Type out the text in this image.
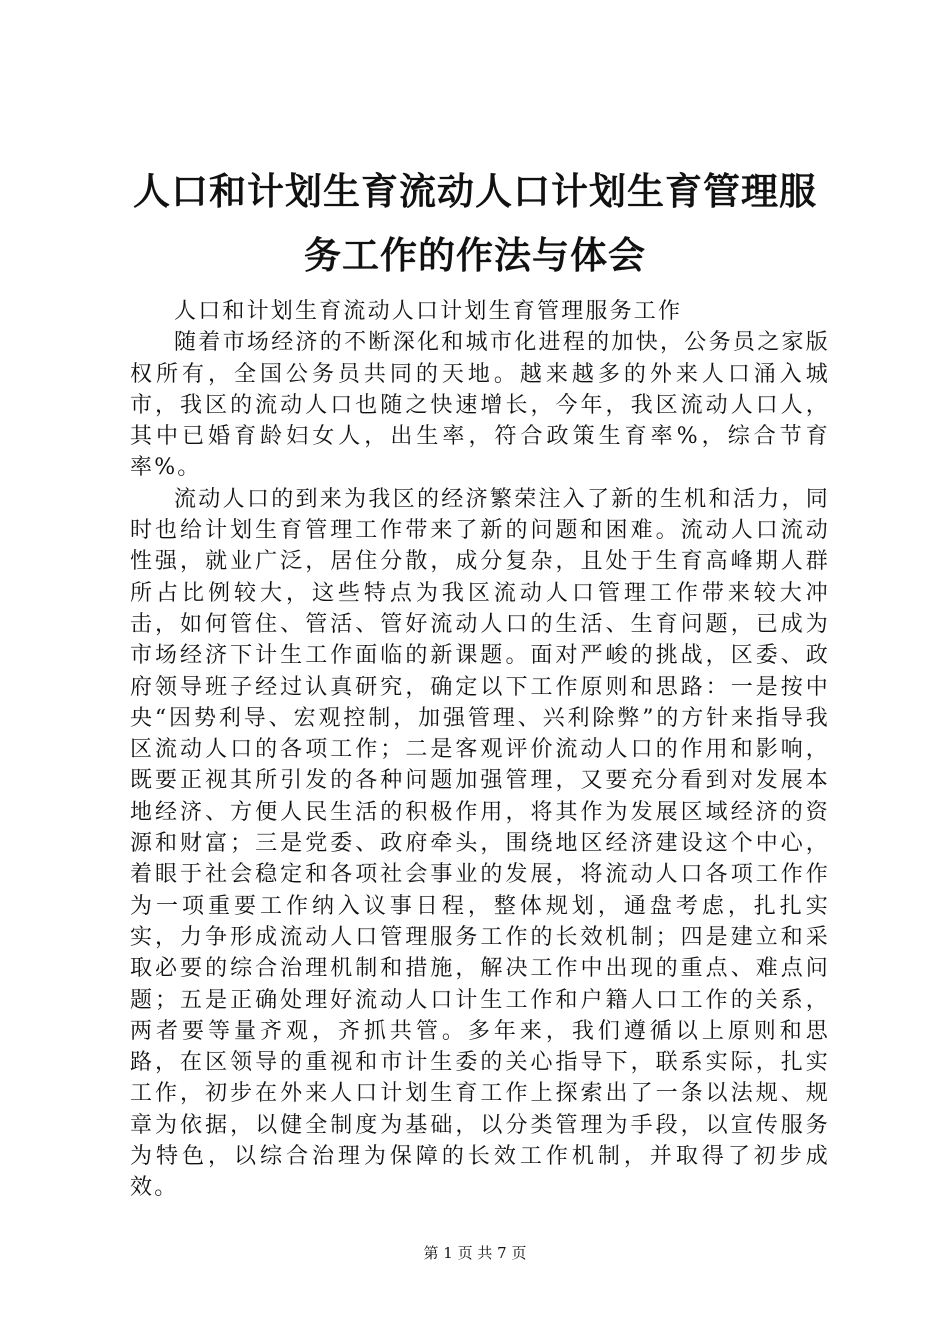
人口和计划生育流动人口计划生育管理服务工作的作法与体会

人口和计划生育流动人口计划生育管理服务工作

随着市场经济的不断深化和城市化进程的加快，公务员之家版权所有，全国公务员共同的天地。越来越多的外来人口涌入城市，我区的流动人口也随之快速增长，今年，我区流动人口人，其中已婚育龄妇女人，出生率，符合政策生育率%，综合节育率%。

流动人口的到来为我区的经济繁荣注入了新的生机和活力，同时也给计划生育管理工作带来了新的问题和困难。流动人口流动性强，就业广泛，居住分散，成分复杂，且处于生育高峰期人群所占比例较大，这些特点为我区流动人口管理工作带来较大冲击，如何管住、管活、管好流动人口的生活、生育问题，已成为市场经济下计生工作面临的新课题。面对严峻的挑战，区委、政府领导班子经过认真研究，确定以下工作原则和思路：一是按中央“因势利导、宏观控制，加强管理、兴利除弊”的方针来指导我区流动人口的各项工作；二是客观评价流动人口的作用和影响，既要正视其所引发的各种问题加强管理，又要充分看到对发展本地经济、方便人民生活的积极作用，将其作为发展区域经济的资源和财富；三是党委、政府牵头，围绕地区经济建设这个中心，着眼于社会稳定和各项社会事业的发展，将流动人口各项工作作为一项重要工作纳入议事日程，整体规划，通盘考虑，扎扎实实，力争形成流动人口管理服务工作的长效机制；四是建立和采取必要的综合治理机制和措施，解决工作中出现的重点、难点问题；五是正确处理好流动人口计生工作和户籍人口工作的关系，两者要等量齐观，齐抓共管。多年来，我们遵循以上原则和思路，在区领导的重视和市计生委的关心指导下，联系实际，扎实工作，初步在外来人口计划生育工作上探索出了一条以法规、规章为依据，以健全制度为基础，以分类管理为手段，以宣传服务为特色，以综合治理为保障的长效工作机制，并取得了初步成效。

第 1 页 共 7 页
